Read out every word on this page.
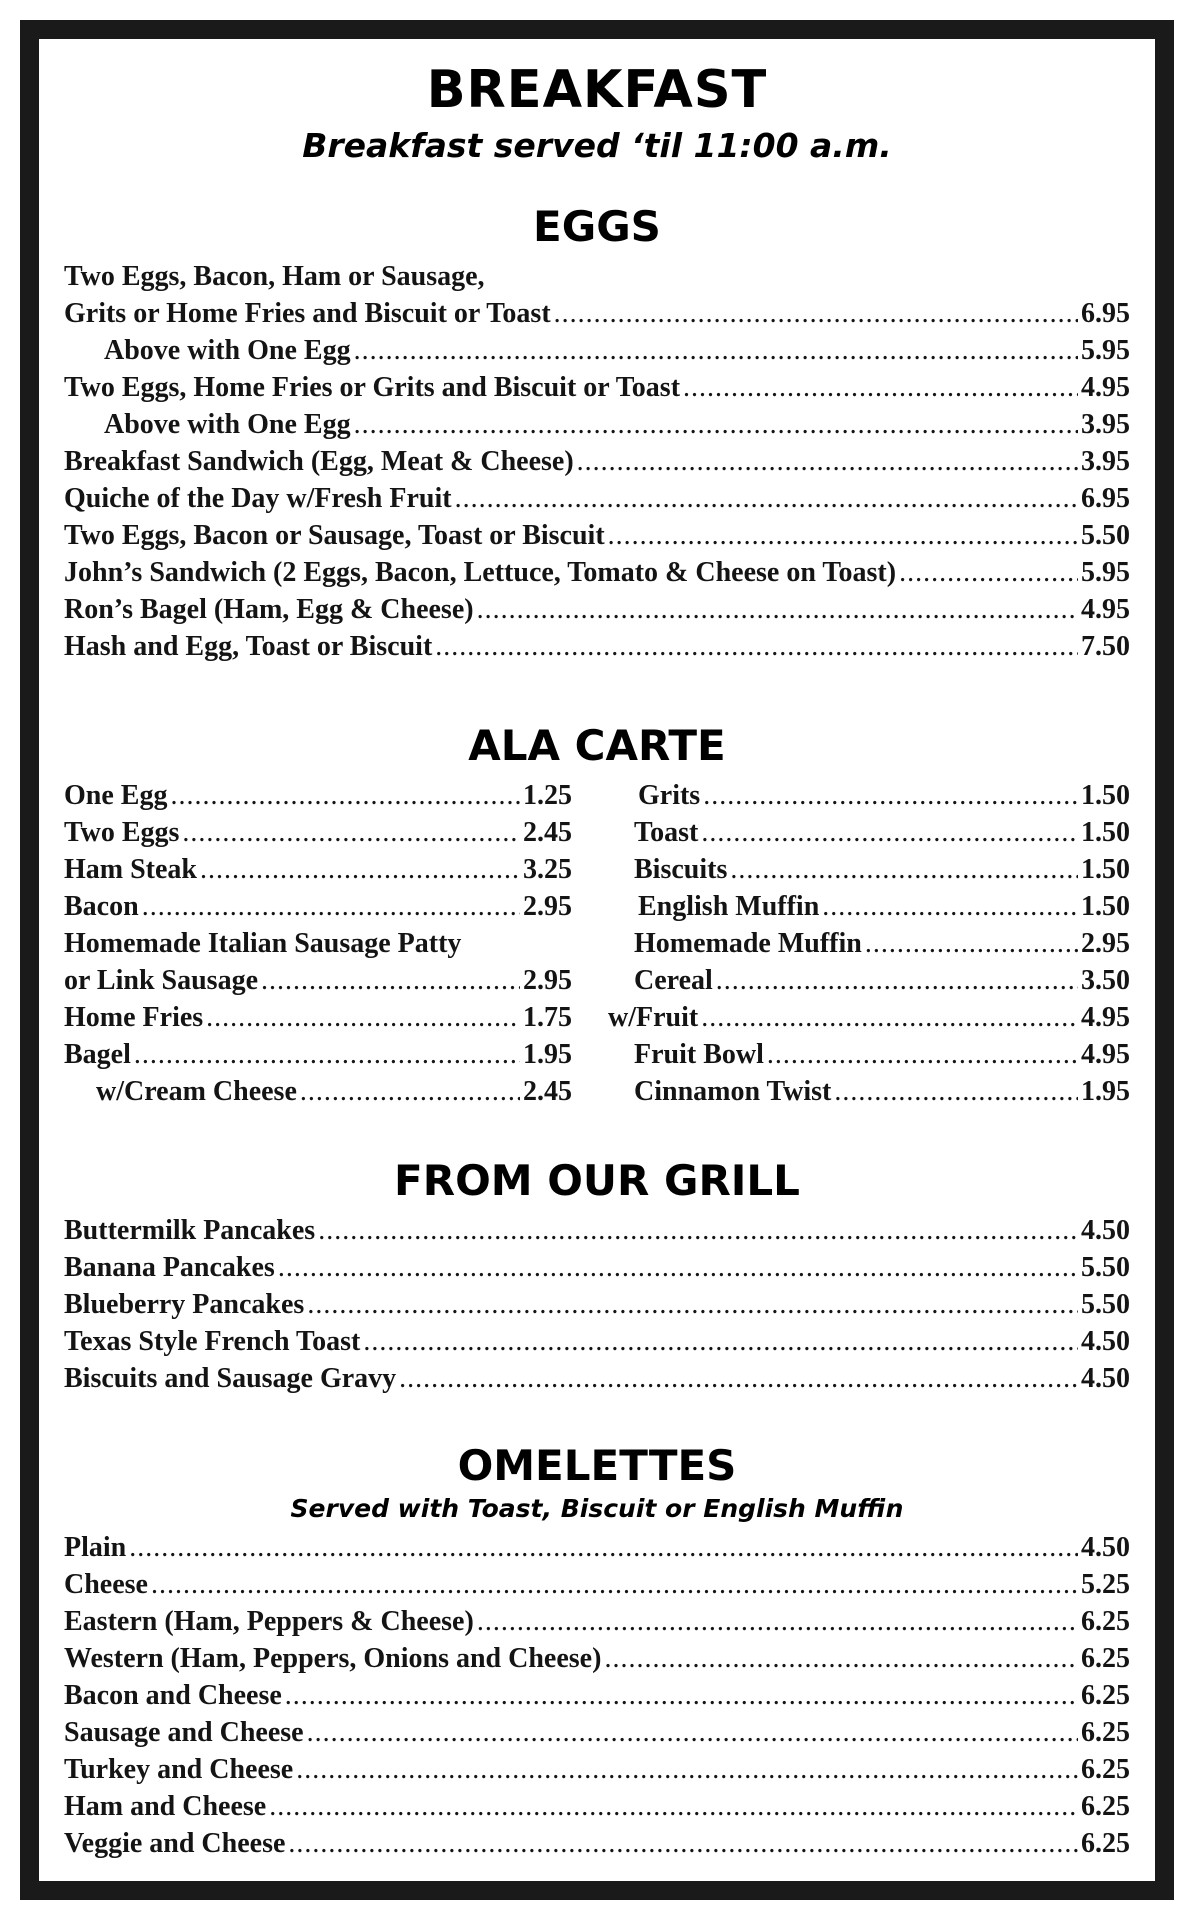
BREAKFAST
Breakfast served ‘til 11:00 a.m.
EGGS
Two Eggs, Bacon, Ham or Sausage,
Grits or Home Fries and Biscuit or Toast .....	6.95
Above with One Egg .....	5.95
Two Eggs, Home Fries or Grits and Biscuit or Toast .....	4.95
Above with One Egg .....	3.95
Breakfast Sandwich (Egg, Meat & Cheese) .....	3.95
Quiche of the Day w/Fresh Fruit .....	6.95
Two Eggs, Bacon or Sausage, Toast or Biscuit .....	5.50
John’s Sandwich (2 Eggs, Bacon, Lettuce, Tomato & Cheese on Toast) .....	5.95
Ron’s Bagel (Ham, Egg & Cheese) .....	4.95
Hash and Egg, Toast or Biscuit .....	7.50
ALA CARTE
One Egg .....	1.25
Two Eggs .....	2.45
Ham Steak .....	3.25
Bacon .....	2.95
Homemade Italian Sausage Patty
or Link Sausage .....	2.95
Home Fries .....	1.75
Bagel .....	1.95
w/Cream Cheese .....	2.45
Grits .....	1.50
Toast .....	1.50
Biscuits .....	1.50
English Muffin .....	1.50
Homemade Muffin .....	2.95
Cereal .....	3.50
w/Fruit .....	4.95
Fruit Bowl .....	4.95
Cinnamon Twist .....	1.95
FROM OUR GRILL
Buttermilk Pancakes .....	4.50
Banana Pancakes .....	5.50
Blueberry Pancakes .....	5.50
Texas Style French Toast .....	4.50
Biscuits and Sausage Gravy .....	4.50
OMELETTES
Served with Toast, Biscuit or English Muffin
Plain .....	4.50
Cheese .....	5.25
Eastern (Ham, Peppers & Cheese) .....	6.25
Western (Ham, Peppers, Onions and Cheese) .....	6.25
Bacon and Cheese .....	6.25
Sausage and Cheese .....	6.25
Turkey and Cheese .....	6.25
Ham and Cheese .....	6.25
Veggie and Cheese .....	6.25
